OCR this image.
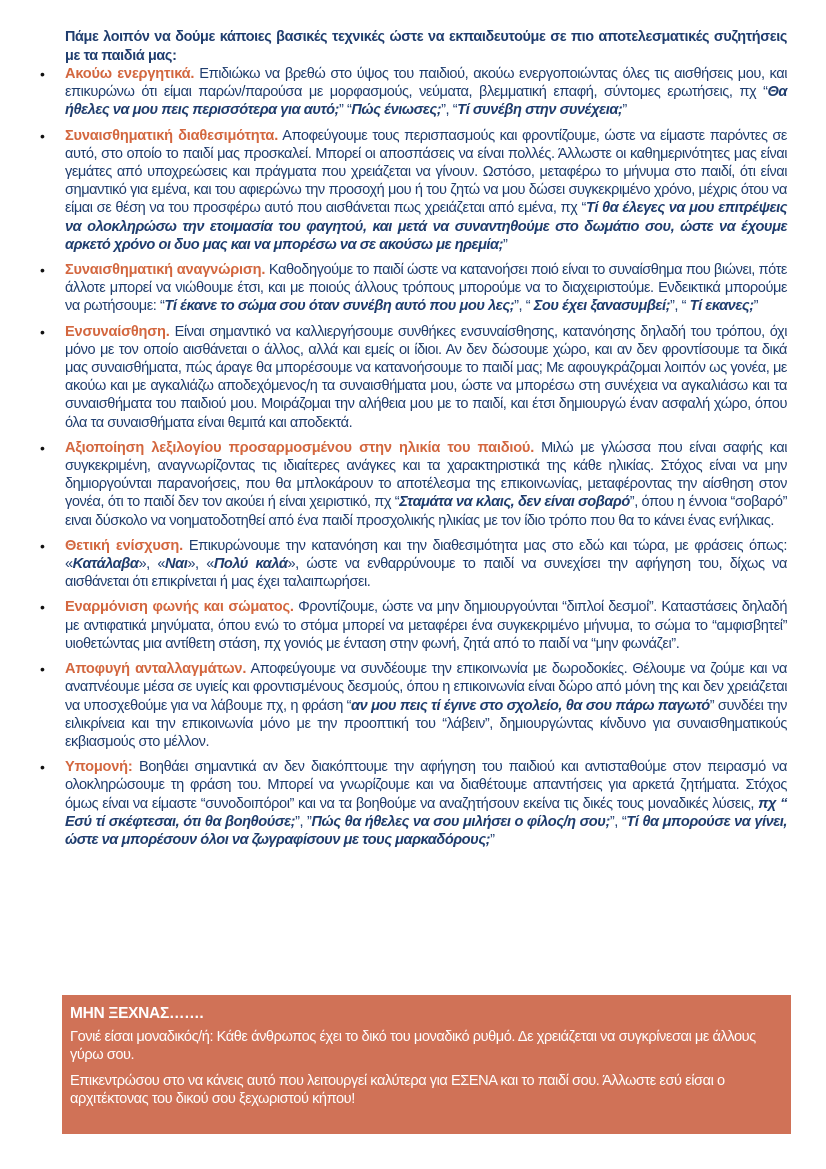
Πάμε λοιπόν να δούμε κάποιες βασικές τεχνικές ώστε να εκπαιδευτούμε σε πιο αποτελεσματικές συζητήσεις με τα παιδιά μας:
• Ακούω ενεργητικά. Επιδιώκω να βρεθώ στο ύψος του παιδιού, ακούω ενεργοποιώντας όλες τις αισθήσεις μου, και επικυρώνω ότι είμαι παρών/παρούσα με μορφασμούς, νεύματα, βλεμματική επαφή, σύντομες ερωτήσεις, πχ “Θα ήθελες να μου πεις περισσότερα για αυτό;” “Πώς ένιωσες;”, “Τί συνέβη στην συνέχεια;”
• Συναισθηματική διαθεσιμότητα. Αποφεύγουμε τους περισπασμούς και φροντίζουμε, ώστε να είμαστε παρόντες σε αυτό, στο οποίο το παιδί μας προσκαλεί. Μπορεί οι αποσπάσεις να είναι πολλές. Άλλωστε οι καθημερινότητες μας είναι γεμάτες από υποχρεώσεις και πράγματα που χρειάζεται να γίνουν. Ωστόσο, μεταφέρω το μήνυμα στο παιδί, ότι είναι σημαντικό για εμένα, και του αφιερώνω την προσοχή μου ή του ζητώ να μου δώσει συγκεκριμένο χρόνο, μέχρις ότου να είμαι σε θέση να του προσφέρω αυτό που αισθάνεται πως χρειάζεται από εμένα, πχ “Τί θα έλεγες να μου επιτρέψεις να ολοκληρώσω την ετοιμασία του φαγητού, και μετά να συναντηθούμε στο δωμάτιο σου, ώστε να έχουμε αρκετό χρόνο οι δυο μας και να μπορέσω να σε ακούσω με ηρεμία;”
• Συναισθηματική αναγνώριση. Καθοδηγούμε το παιδί ώστε να κατανοήσει ποιό είναι το συναίσθημα που βιώνει, πότε άλλοτε μπορεί να νιώθουμε έτσι, και με ποιούς άλλους τρόπους μπορούμε να το διαχειριστούμε. Ενδεικτικά μπορούμε να ρωτήσουμε: “Τί έκανε το σώμα σου όταν συνέβη αυτό που μου λες;”, “ Σου έχει ξανασυμβεί;”, “ Τί εκανες;”
• Ενσυναίσθηση. Είναι σημαντικό να καλλιεργήσουμε συνθήκες ενσυναίσθησης, κατανόησης δηλαδή του τρόπου, όχι μόνο με τον οποίο αισθάνεται ο άλλος, αλλά και εμείς οι ίδιοι. Αν δεν δώσουμε χώρο, και αν δεν φροντίσουμε τα δικά μας συναισθήματα, πώς άραγε θα μπορέσουμε να κατανοήσουμε το παιδί μας; Με αφουγκράζομαι λοιπόν ως γονέα, με ακούω και με αγκαλιάζω αποδεχόμενος/η τα συναισθήματα μου, ώστε να μπορέσω στη συνέχεια να αγκαλιάσω και τα συναισθήματα του παιδιού μου. Μοιράζομαι την αλήθεια μου με το παιδί, και έτσι δημιουργώ έναν ασφαλή χώρο, όπου όλα τα συναισθήματα είναι θεμιτά και αποδεκτά.
• Αξιοποίηση λεξιλογίου προσαρμοσμένου στην ηλικία του παιδιού. Μιλώ με γλώσσα που είναι σαφής και συγκεκριμένη, αναγνωρίζοντας τις ιδιαίτερες ανάγκες και τα χαρακτηριστικά της κάθε ηλικίας. Στόχος είναι να μην δημιοργούνται παρανοήσεις, που θα μπλοκάρουν το αποτέλεσμα της επικοινωνίας, μεταφέροντας την αίσθηση στον γονέα, ότι το παιδί δεν τον ακούει ή είναι χειριστικό, πχ “Σταμάτα να κλαις, δεν είναι σοβαρό”, όπου η έννοια “σοβαρό” ειναι δύσκολο να νοηματοδοτηθεί από ένα παιδί προσχολικής ηλικίας με τον ίδιο τρόπο που θα το κάνει ένας ενήλικας.
• Θετική ενίσχυση. Επικυρώνουμε την κατανόηση και την διαθεσιμότητα μας στο εδώ και τώρα, με φράσεις όπως: «Κατάλαβα», «Ναι», «Πολύ καλά», ώστε να ενθαρρύνουμε το παιδί να συνεχίσει την αφήγηση του, δίχως να αισθάνεται ότι επικρίνεται ή μας έχει ταλαιπωρήσει.
• Εναρμόνιση φωνής και σώματος. Φροντίζουμε, ώστε να μην δημιουργούνται “διπλοί δεσμοί”. Καταστάσεις δηλαδή με αντιφατικά μηνύματα, όπου ενώ το στόμα μπορεί να μεταφέρει ένα συγκεκριμένο μήνυμα, το σώμα το “αμφισβητεί” υιοθετώντας μια αντίθετη στάση, πχ γονιός με ένταση στην φωνή, ζητά από το παιδί να “μην φωνάζει”.
• Αποφυγή ανταλλαγμάτων. Αποφεύγουμε να συνδέουμε την επικοινωνία με δωροδοκίες. Θέλουμε να ζούμε και να αναπνέουμε μέσα σε υγιείς και φροντισμένους δεσμούς, όπου η επικοινωνία είναι δώρο από μόνη της και δεν χρειάζεται να υποσχεθούμε για να λάβουμε πχ, η φράση “αν μου πεις τί έγινε στο σχολείο, θα σου πάρω παγωτό” συνδέει την ειλικρίνεια και την επικοινωνία μόνο με την προοπτική του “λάβειν”, δημιουργώντας κίνδυνο για συναισθηματικούς εκβιασμούς στο μέλλον.
• Υπομονή: Βοηθάει σημαντικά αν δεν διακόπτουμε την αφήγηση του παιδιού και αντισταθούμε στον πειρασμό να ολοκληρώσουμε τη φράση του. Μπορεί να γνωρίζουμε και να διαθέτουμε απαντήσεις για αρκετά ζητήματα. Στόχος όμως είναι να είμαστε “συνοδοιπόροι” και να τα βοηθούμε να αναζητήσουν εκείνα τις δικές τους μοναδικές λύσεις, πχ “ Εσύ τί σκέφτεσαι, ότι θα βοηθούσε;”, ”Πώς θα ήθελες να σου μιλήσει ο φίλος/η σου;”, “Τί θα μπορούσε να γίνει, ώστε να μπορέσουν όλοι να ζωγραφίσουν με τους μαρκαδόρους;”
ΜΗΝ ΞΕΧΝΑΣ…….
Γονιέ είσαι μοναδικός/ή: Κάθε άνθρωπος έχει το δικό του μοναδικό ρυθμό. Δε χρειάζεται να συγκρίνεσαι με άλλους γύρω σου.
Επικεντρώσου στο να κάνεις αυτό που λειτουργεί καλύτερα για ΕΣΕΝΑ και το παιδί σου. Άλλωστε εσύ είσαι ο αρχιτέκτονας του δικού σου ξεχωριστού κήπου!
